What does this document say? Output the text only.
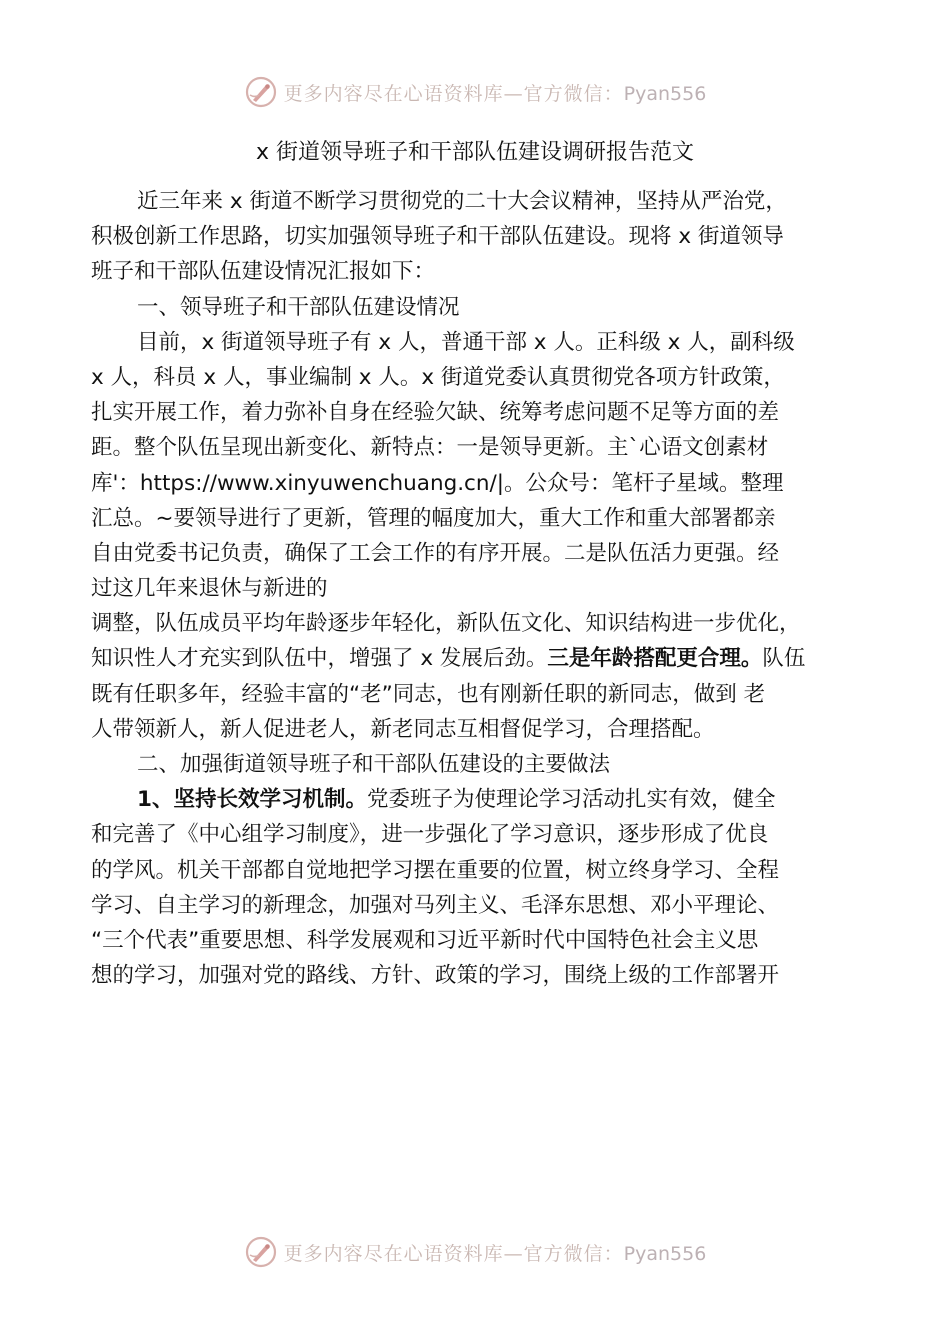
更多内容尽在心语资料库—官方微信：Pyan556
x 街道领导班子和干部队伍建设调研报告范文
近三年来 x 街道不断学习贯彻党的二十大会议精神，坚持从严治党，
积极创新工作思路，切实加强领导班子和干部队伍建设。现将 x 街道领导
班子和干部队伍建设情况汇报如下：
一、领导班子和干部队伍建设情况
目前，x 街道领导班子有 x 人，普通干部 x 人。正科级 x 人，副科级
x 人，科员 x 人，事业编制 x 人。x 街道党委认真贯彻党各项方针政策，
扎实开展工作，着力弥补自身在经验欠缺、统筹考虑问题不足等方面的差
距。整个队伍呈现出新变化、新特点：一是领导更新。主`心语文创素材
库'：https://www.xinyuwenchuang.cn/|。公众号：笔杆子星域。整理
汇总。~要领导进行了更新，管理的幅度加大，重大工作和重大部署都亲
自由党委书记负责，确保了工会工作的有序开展。二是队伍活力更强。经
过这几年来退休与新进的
调整，队伍成员平均年龄逐步年轻化，新队伍文化、知识结构进一步优化，
知识性人才充实到队伍中，增强了 x 发展后劲。三是年龄搭配更合理。队伍
既有任职多年，经验丰富的“老”同志，也有刚新任职的新同志，做到 老
人带领新人，新人促进老人，新老同志互相督促学习，合理搭配。
二、加强街道领导班子和干部队伍建设的主要做法
1、坚持长效学习机制。党委班子为使理论学习活动扎实有效，健全
和完善了《中心组学习制度》，进一步强化了学习意识，逐步形成了优良
的学风。机关干部都自觉地把学习摆在重要的位置，树立终身学习、全程
学习、自主学习的新理念，加强对马列主义、毛泽东思想、邓小平理论、
“三个代表”重要思想、科学发展观和习近平新时代中国特色社会主义思
想的学习，加强对党的路线、方针、政策的学习，围绕上级的工作部署开
更多内容尽在心语资料库—官方微信：Pyan556
